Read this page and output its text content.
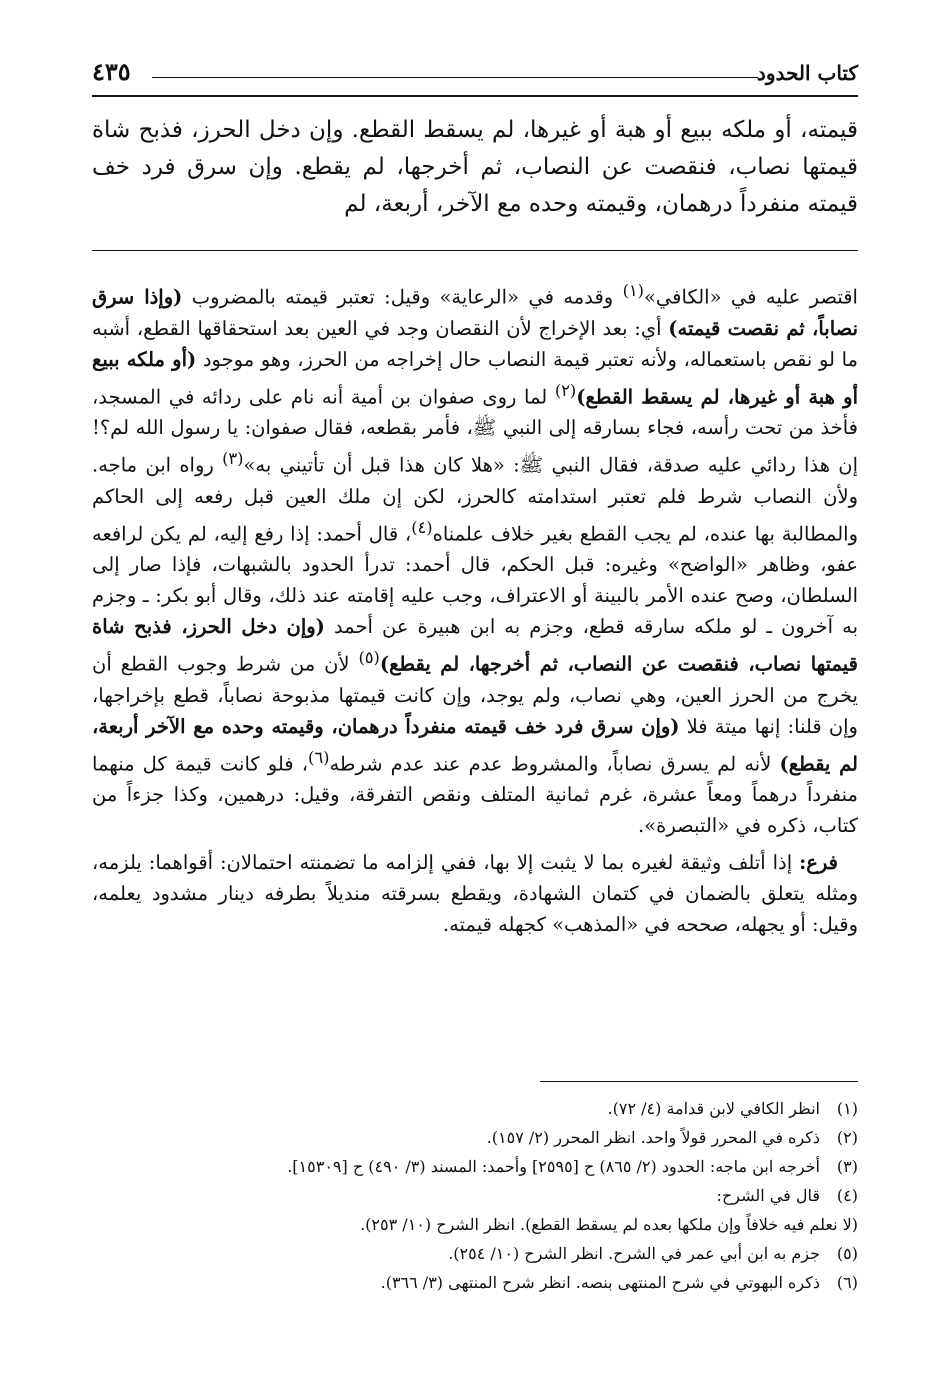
كتاب الحدود
٤٣٥
قيمته، أو ملكه ببيع أو هبة أو غيرها، لم يسقط القطع. وإن دخل الحرز، فذبح شاة قيمتها نصاب، فنقصت عن النصاب، ثم أخرجها، لم يقطع. وإن سرق فرد خف قيمته منفرداً درهمان، وقيمته وحده مع الآخر، أربعة، لم

اقتصر عليه في «الكافي»$^{(١)}$ وقدمه في «الرعاية» وقيل: تعتبر قيمته بالمضروب (وإذا سرق نصاباً، ثم نقصت قيمته) أي: بعد الإخراج لأن النقصان وجد في العين بعد استحقاقها القطع، أشبه ما لو نقص باستعماله، ولأنه تعتبر قيمة النصاب حال إخراجه من الحرز، وهو موجود (أو ملكه ببيع أو هبة أو غيرها، لم يسقط القطع)$^{(٢)}$ لما روى صفوان بن أمية أنه نام على ردائه في المسجد، فأخذ من تحت رأسه، فجاء بسارقه إلى النبي ﷺ، فأمر بقطعه، فقال صفوان: يا رسول الله لم؟! إن هذا ردائي عليه صدقة، فقال النبي ﷺ: «هلا كان هذا قبل أن تأتيني به»$^{(٣)}$ رواه ابن ماجه. ولأن النصاب شرط فلم تعتبر استدامته كالحرز، لكن إن ملك العين قبل رفعه إلى الحاكم والمطالبة بها عنده، لم يجب القطع بغير خلاف علمناه$^{(٤)}$، قال أحمد: إذا رفع إليه، لم يكن لرافعه عفو، وظاهر «الواضح» وغيره: قبل الحكم، قال أحمد: تدرأ الحدود بالشبهات، فإذا صار إلى السلطان، وصح عنده الأمر بالبينة أو الاعتراف، وجب عليه إقامته عند ذلك، وقال أبو بكر: ـ وجزم به آخرون ـ لو ملكه سارقه قطع، وجزم به ابن هبيرة عن أحمد (وإن دخل الحرز، فذبح شاة قيمتها نصاب، فنقصت عن النصاب، ثم أخرجها، لم يقطع)$^{(٥)}$ لأن من شرط وجوب القطع أن يخرج من الحرز العين، وهي نصاب، ولم يوجد، وإن كانت قيمتها مذبوحة نصاباً، قطع بإخراجها، وإن قلنا: إنها ميتة فلا (وإن سرق فرد خف قيمته منفرداً درهمان، وقيمته وحده مع الآخر أربعة، لم يقطع) لأنه لم يسرق نصاباً، والمشروط عدم عند عدم شرطه$^{(٦)}$، فلو كانت قيمة كل منهما منفرداً درهماً ومعاً عشرة، غرم ثمانية المتلف ونقص التفرقة، وقيل: درهمين، وكذا جزءاً من كتاب، ذكره في «التبصرة».

فرع: إذا أتلف وثيقة لغيره بما لا يثبت إلا بها، ففي إلزامه ما تضمنته احتمالان: أقواهما: يلزمه، ومثله يتعلق بالضمان في كتمان الشهادة، ويقطع بسرقته منديلاً بطرفه دينار مشدود يعلمه، وقيل: أو يجهله، صححه في «المذهب» كجهله قيمته.

(١)
انظر الكافي لابن قدامة (٤/ ٧٢).
(٢)
ذكره في المحرر قولاً واحد. انظر المحرر (٢/ ١٥٧).
(٣)
أخرجه ابن ماجه: الحدود (٢/ ٨٦٥) ح [٢٥٩٥] وأحمد: المسند (٣/ ٤٩٠) ح [١٥٣٠٩].
(٤)
قال في الشرح:
(لا نعلم فيه خلافاً وإن ملكها بعده لم يسقط القطع). انظر الشرح (١٠/ ٢٥٣).
(٥)
جزم به ابن أبي عمر في الشرح. انظر الشرح (١٠/ ٢٥٤).
(٦)
ذكره البهوتي في شرح المنتهى بنصه. انظر شرح المنتهى (٣/ ٣٦٦).
